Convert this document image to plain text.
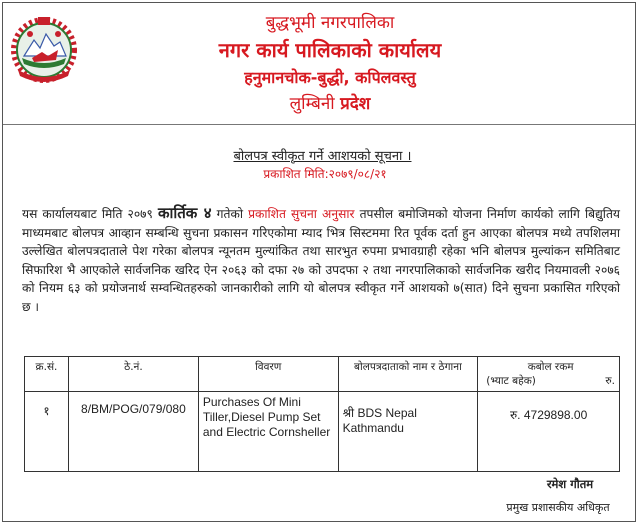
बुद्धभूमी नगरपालिका
नगर कार्य पालिकाको कार्यालय
हनुमानचोक-बुद्धी, कपिलवस्तु
लुम्बिनी प्रदेश
बोलपत्र स्वीकृत गर्ने आशयको सूचना ।
प्रकाशित मिति:२०७९/०८/२१
यस कार्यालयबाट मिति २०७९ कार्तिक ४ गतेको प्रकाशित सुचना अनुसार तपसील बमोजिमको योजना निर्माण कार्यको लागि बिद्युतिय माध्यमबाट बोलपत्र आव्हान सम्बन्धि सुचना प्रकासन गरिएकोमा म्याद भित्र सिस्टममा रित पूर्वक दर्ता हुन आएका बोलपत्र मध्ये तपशिलमा उल्लेखित बोलपत्रदाताले पेश गरेका बोलपत्र न्यूनतम मुल्यांकित तथा सारभुत रुपमा प्रभावग्राही रहेका भनि बोलपत्र मुल्यांकन समितिबाट सिफारिश भै आएकोले सार्वजनिक खरिद ऐन २०६३ को दफा २७ को उपदफा २ तथा नगरपालिकाको सार्वजनिक खरीद नियमावली २०७६ को नियम ६३ को प्रयोजनार्थ सम्वन्धितहरुको जानकारीको लागि यो बोलपत्र स्वीकृत गर्ने आशयको ७(सात) दिने सुचना प्रकासित गरिएको छ ।
क्र.सं.	ठे.नं.	विवरण	बोलपत्रदाताको नाम र ठेगाना	कबोल रकम
(भ्याट बहेक) रु.

१	8/BM/POG/079/080	Purchases Of Mini Tiller,Diesel Pump Set and Electric Cornsheller	श्री BDS Nepal
Kathmandu	रु. 4729898.00
रमेश गौतम
प्रमुख प्रशासकीय अधिकृत
